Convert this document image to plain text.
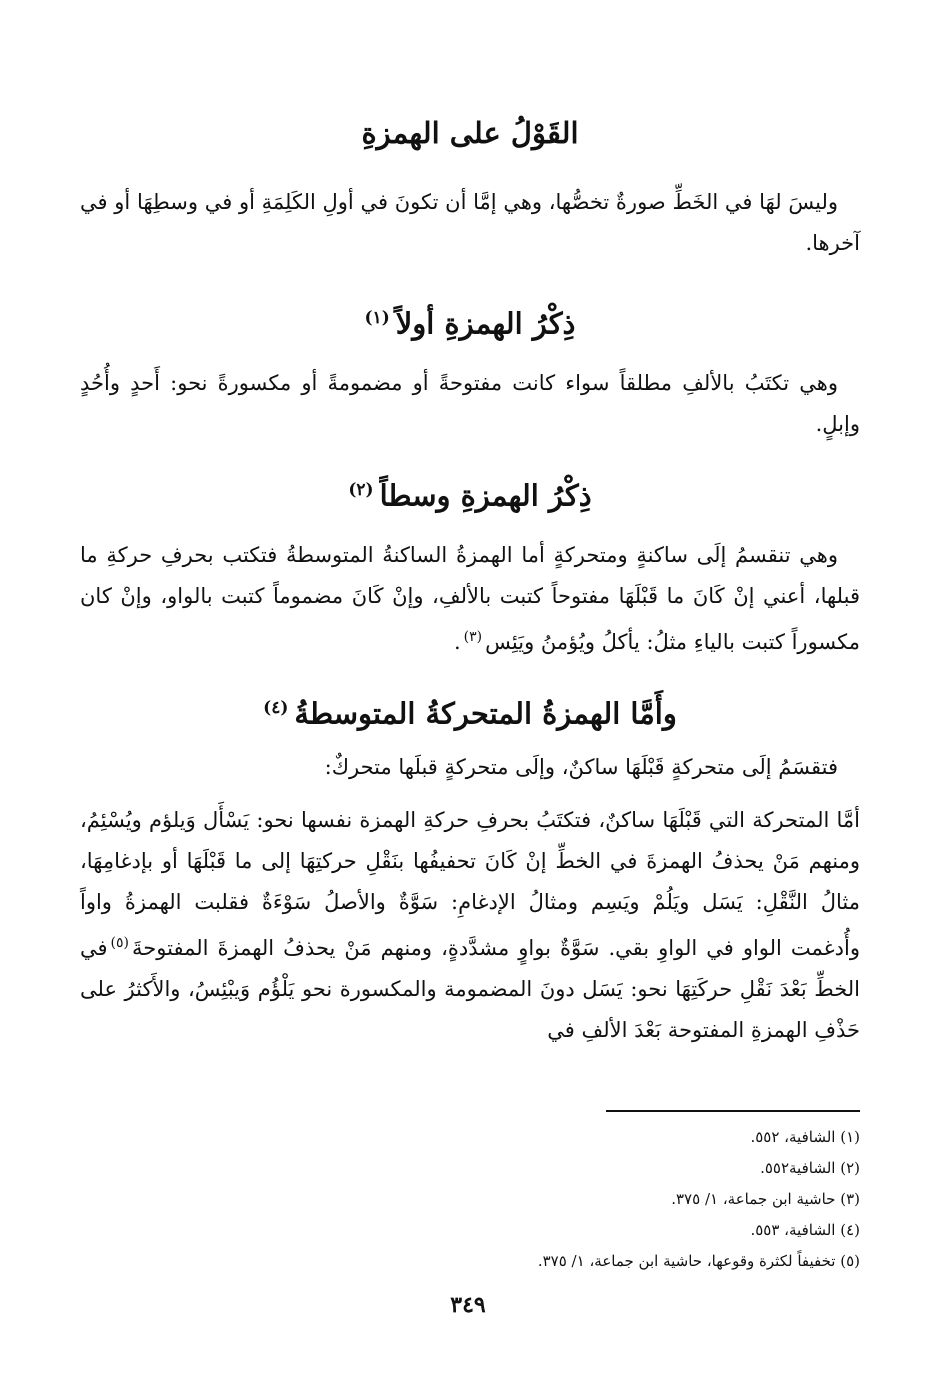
القَوْلُ على الهمزةِ
وليسَ لهَا في الخَطِّ صورةٌ تخصُّها، وهي إمَّا أن تكونَ في أولِ الكَلِمَةِ أو في وسطِهَا أو في آخرها.
ذِكْرُ الهمزةِ أولاً$^{(١)}$
وهي تكتَبُ بالألفِ مطلقاً سواء كانت مفتوحةً أو مضمومةً أو مكسورةً نحو: أَحدٍ وأُحُدٍ وإبلٍ.
ذِكْرُ الهمزةِ وسطاً$^{(٢)}$
وهي تنقسمُ إلَى ساكنةٍ ومتحركةٍ أما الهمزةُ الساكنةُ المتوسطةُ فتكتب بحرفِ حركةِ ما قبلها، أعني إنْ كَانَ ما قَبْلَهَا مفتوحاً كتبت بالألفِ، وإنْ كَانَ مضموماً كتبت بالواو، وإنْ كان مكسوراً كتبت بالياءِ مثلُ: يأكلُ ويُؤمنُ ويَئِس$^{(٣)}$.
وأَمَّا الهمزةُ المتحركةُ المتوسطةُ$^{(٤)}$
فتقسَمُ إلَى متحركةٍ قَبْلَهَا ساكنٌ، وإلَى متحركةٍ قبلَها متحركٌ:
أمَّا المتحركة التي قَبْلَهَا ساكنٌ، فتكتَبُ بحرفِ حركةِ الهمزة نفسها نحو: يَسْأَل وَيلؤم ويُسْئِمُ، ومنهم مَنْ يحذفُ الهمزةَ في الخطِّ إنْ كَانَ تحفيفُها بنَقْلِ حركتِهَا إلى ما قَبْلَهَا أو بإدغامِهَا، مثالُ النَّقْلِ: يَسَل ويَلُمْ ويَسِم ومثالُ الإدغامِ: سَوَّةٌ والأصلُ سَوْءَةٌ فقلبت الهمزةُ واواً وأُدغمت الواو في الواوِ بقي. سَوَّةٌ بواوٍ مشدَّدةٍ، ومنهم مَنْ يحذفُ الهمزةَ المفتوحةَ$^{(٥)}$في الخطِّ بَعْدَ نَقْلِ حركَتِهَا نحو: يَسَل دونَ المضمومة والمكسورة نحو يَلْؤُم وَيبْئِسُ، والأَكثرُ على حَذْفِ الهمزةِ المفتوحة بَعْدَ الألفِ في
(١) الشافية، ٥٥٢.
(٢) الشافية٥٥٢.
(٣) حاشية ابن جماعة، ١/ ٣٧٥.
(٤) الشافية، ٥٥٣.
(٥) تخفيفاً لكثرة وقوعها، حاشية ابن جماعة، ١/ ٣٧٥.
٣٤٩
